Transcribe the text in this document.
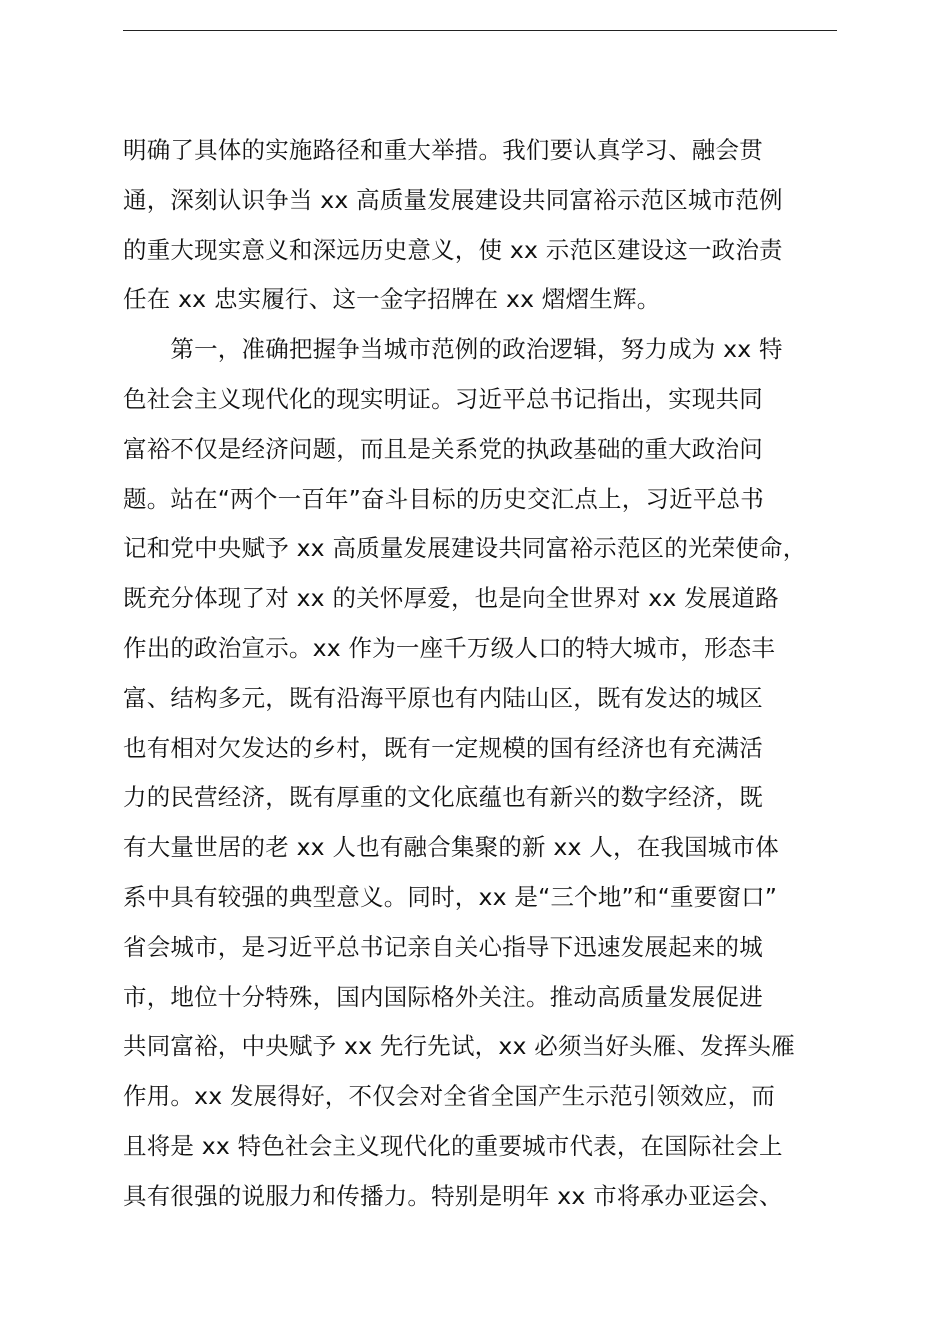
明确了具体的实施路径和重大举措。我们要认真学习、融会贯
通，深刻认识争当 xx 高质量发展建设共同富裕示范区城市范例
的重大现实意义和深远历史意义，使 xx 示范区建设这一政治责
任在 xx 忠实履行、这一金字招牌在 xx 熠熠生辉。
　　第一，准确把握争当城市范例的政治逻辑，努力成为 xx 特
色社会主义现代化的现实明证。习近平总书记指出，实现共同
富裕不仅是经济问题，而且是关系党的执政基础的重大政治问
题。站在“两个一百年”奋斗目标的历史交汇点上，习近平总书
记和党中央赋予 xx 高质量发展建设共同富裕示范区的光荣使命，
既充分体现了对 xx 的关怀厚爱，也是向全世界对 xx 发展道路
作出的政治宣示。xx 作为一座千万级人口的特大城市，形态丰
富、结构多元，既有沿海平原也有内陆山区，既有发达的城区
也有相对欠发达的乡村，既有一定规模的国有经济也有充满活
力的民营经济，既有厚重的文化底蕴也有新兴的数字经济，既
有大量世居的老 xx 人也有融合集聚的新 xx 人，在我国城市体
系中具有较强的典型意义。同时，xx 是“三个地”和“重要窗口”
省会城市，是习近平总书记亲自关心指导下迅速发展起来的城
市，地位十分特殊，国内国际格外关注。推动高质量发展促进
共同富裕，中央赋予 xx 先行先试，xx 必须当好头雁、发挥头雁
作用。xx 发展得好，不仅会对全省全国产生示范引领效应，而
且将是 xx 特色社会主义现代化的重要城市代表，在国际社会上
具有很强的说服力和传播力。特别是明年 xx 市将承办亚运会、
